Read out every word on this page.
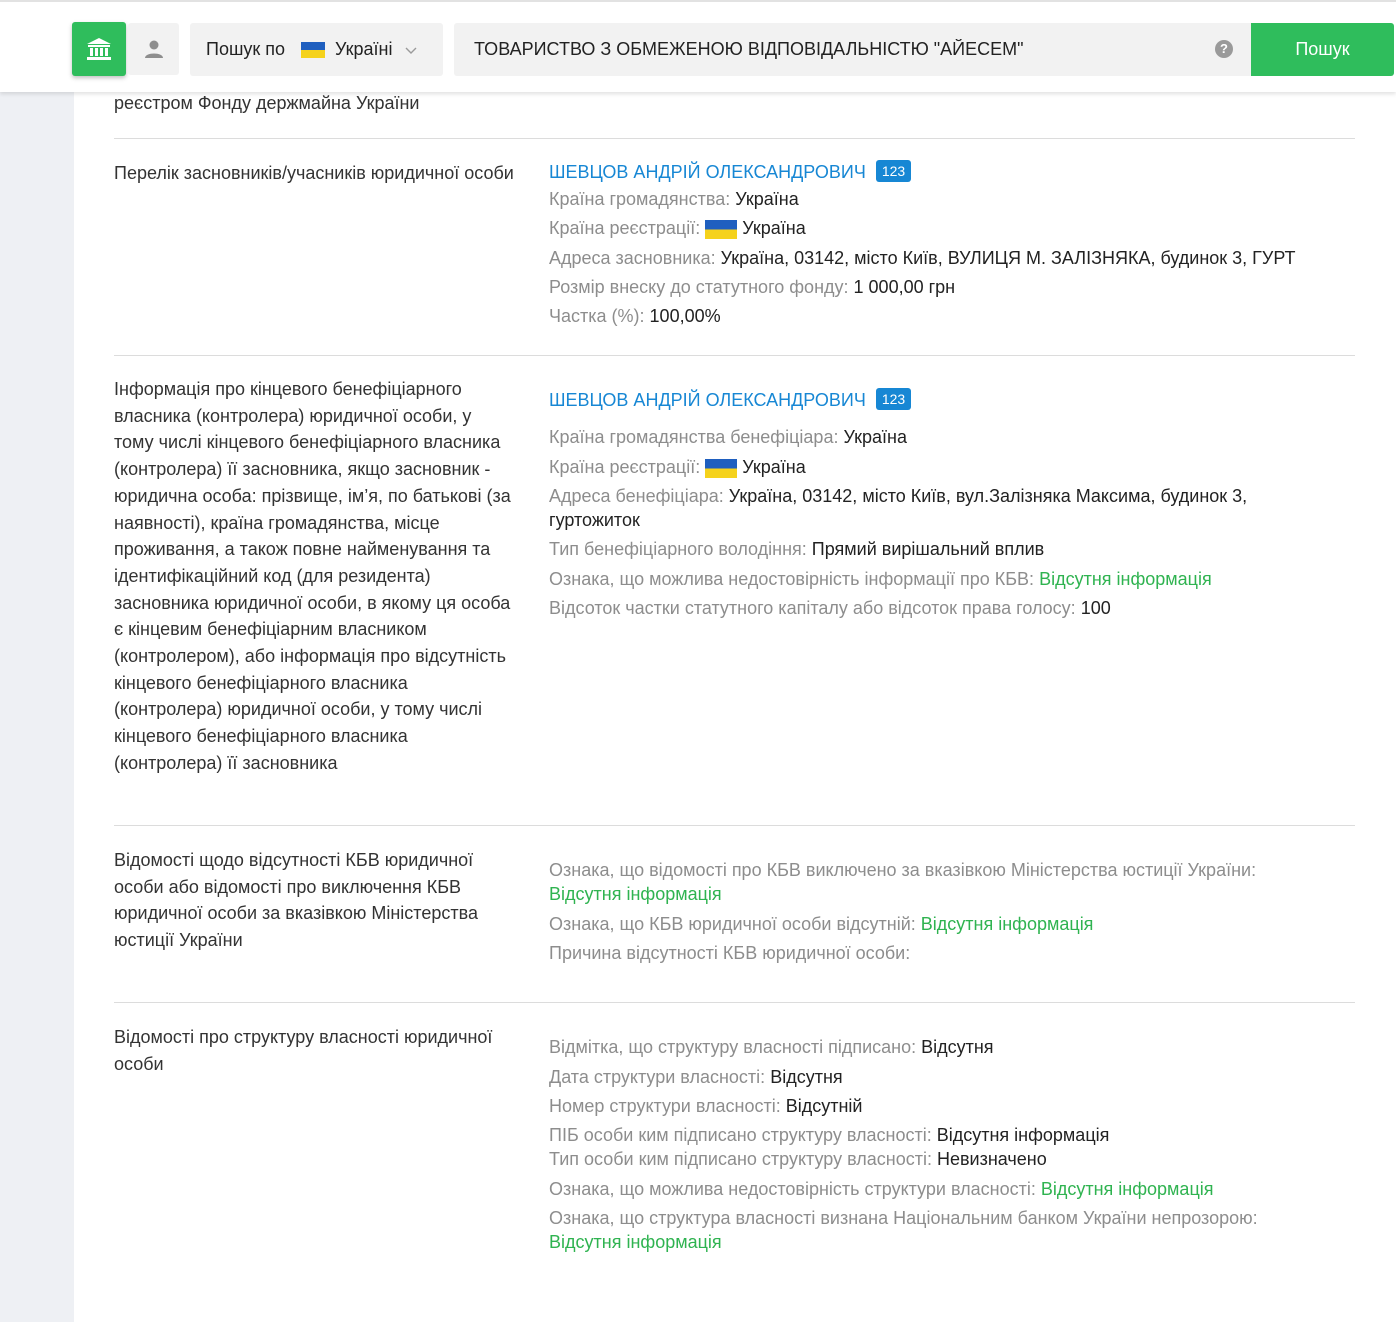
Пошук по	Україні
ТОВАРИСТВО З ОБМЕЖЕНОЮ ВІДПОВІДАЛЬНІСТЮ "АЙЕСЕМ"	?	Пошук
реєстром Фонду держмайна України
Перелік засновників/учасників юридичної особи ШЕВЦОВ АНДРІЙ ОЛЕКСАНДРОВИЧ 123
Країна громадянства: Україна
Країна реєстрації: Україна
Адреса засновника: Україна, 03142, місто Київ, ВУЛИЦЯ М. ЗАЛІЗНЯКА, будинок 3, ГУРТ
Розмір внеску до статутного фонду: 1 000,00 грн
Частка (%): 100,00%
Інформація про кінцевого бенефіціарного власника (контролера) юридичної особи, у тому числі кінцевого бенефіціарного власника (контролера) її засновника, якщо засновник - юридична особа: прізвище, ім’я, по батькові (за наявності), країна громадянства, місце проживання, а також повне найменування та ідентифікаційний код (для резидента) засновника юридичної особи, в якому ця особа є кінцевим бенефіціарним власником (контролером), або інформація про відсутність кінцевого бенефіціарного власника (контролера) юридичної особи, у тому числі кінцевого бенефіціарного власника (контролера) її засновника
ШЕВЦОВ АНДРІЙ ОЛЕКСАНДРОВИЧ 123
Країна громадянства бенефіціара: Україна
Країна реєстрації: Україна
Адреса бенефіціара: Україна, 03142, місто Київ, вул.Залізняка Максима, будинок 3, гуртожиток
Тип бенефіціарного володіння: Прямий вирішальний вплив
Ознака, що можлива недостовірність інформації про КБВ: Відсутня інформація
Відсоток частки статутного капіталу або відсоток права голосу: 100
Відомості щодо відсутності КБВ юридичної особи або відомості про виключення КБВ юридичної особи за вказівкою Міністерства юстиції України
Ознака, що відомості про КБВ виключено за вказівкою Міністерства юстиції України: Відсутня інформація
Ознака, що КБВ юридичної особи відсутній: Відсутня інформація
Причина відсутності КБВ юридичної особи:
Відомості про структуру власності юридичної особи
Відмітка, що структуру власності підписано: Відсутня
Дата структури власності: Відсутня
Номер структури власності: Відсутній
ПІБ особи ким підписано структуру власності: Відсутня інформація
Тип особи ким підписано структуру власності: Невизначено
Ознака, що можлива недостовірність структури власності: Відсутня інформація
Ознака, що структура власності визнана Національним банком України непрозорою: Відсутня інформація
